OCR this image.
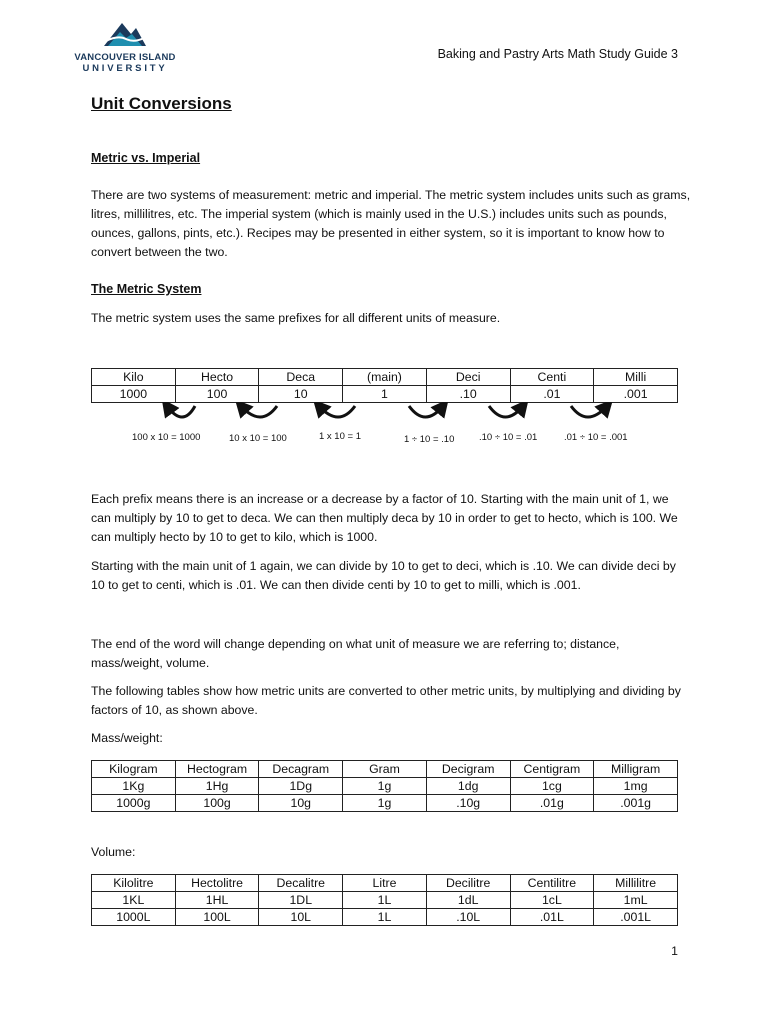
VANCOUVER ISLAND
UNIVERSITY
Baking and Pastry Arts Math Study Guide 3
Unit Conversions
Metric vs. Imperial
There are two systems of measurement: metric and imperial. The metric system includes units such as grams, litres, millilitres, etc. The imperial system (which is mainly used in the U.S.) includes units such as pounds, ounces, gallons, pints, etc.). Recipes may be presented in either system, so it is important to know how to convert between the two.
The Metric System
The metric system uses the same prefixes for all different units of measure.
Kilo	Hecto	Deca	(main)	Deci	Centi	Milli
1000	100	10	1	.10	.01	.001
100 x 10 = 1000	10 x 10 = 100	1 x 10 = 1	1 ÷ 10 = .10	.10 ÷ 10 = .01	.01 ÷ 10 = .001
Each prefix means there is an increase or a decrease by a factor of 10. Starting with the main unit of 1, we can multiply by 10 to get to deca. We can then multiply deca by 10 in order to get to hecto, which is 100. We can multiply hecto by 10 to get to kilo, which is 1000.
Starting with the main unit of 1 again, we can divide by 10 to get to deci, which is .10. We can divide deci by 10 to get to centi, which is .01. We can then divide centi by 10 to get to milli, which is .001.
The end of the word will change depending on what unit of measure we are referring to; distance, mass/weight, volume.
The following tables show how metric units are converted to other metric units, by multiplying and dividing by factors of 10, as shown above.
Mass/weight:
Kilogram	Hectogram	Decagram	Gram	Decigram	Centigram	Milligram
1Kg	1Hg	1Dg	1g	1dg	1cg	1mg
1000g	100g	10g	1g	.10g	.01g	.001g
Volume:
Kilolitre	Hectolitre	Decalitre	Litre	Decilitre	Centilitre	Millilitre
1KL	1HL	1DL	1L	1dL	1cL	1mL
1000L	100L	10L	1L	.10L	.01L	.001L
1
